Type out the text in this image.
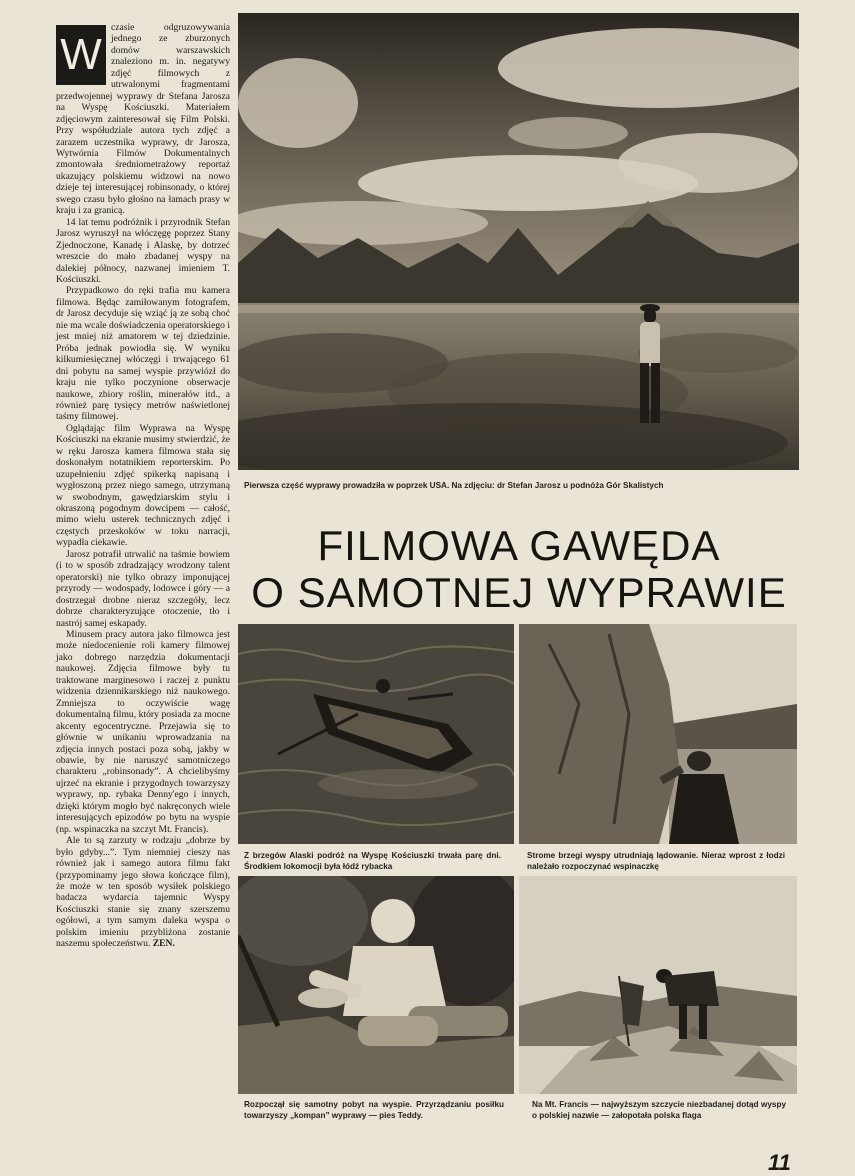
W

czasie odgruzowywania jednego ze zburzonych domów warszawskich znaleziono m. in. negatywy zdjęć filmowych z utrwalonymi fragmentami przedwojennej wyprawy dr Stefana Jarosza na Wyspę Kościuszki. Materiałem zdjęciowym zainteresował się Film Polski. Przy współudziale autora tych zdjęć a zarazem uczestnika wyprawy, dr Jarosza, Wytwórnia Filmów Dokumentalnych zmontowała średniometrażowy reportaż ukazujący polskiemu widzowi na nowo dzieje tej interesującej robinsonady, o której swego czasu było głośno na łamach prasy w kraju i za granicą.

14 lat temu podróżnik i przyrodnik Stefan Jarosz wyruszył na włóczęgę poprzez Stany Zjednoczone, Kanadę i Alaskę, by dotrzeć wreszcie do mało zbadanej wyspy na dalekiej północy, nazwanej imieniem T. Kościuszki.

Przypadkowo do ręki trafia mu kamera filmowa. Będąc zamiłowanym fotografem, dr Jarosz decyduje się wziąć ją ze sobą choć nie ma wcale doświadczenia operatorskiego i jest mniej niż amatorem w tej dziedzinie. Próba jednak powiodła się. W wyniku kilkumiesięcznej włóczęgi i trwającego 61 dni pobytu na samej wyspie przywiózł do kraju nie tylko poczynione obserwacje naukowe, zbiory roślin, minerałów itd., a również parę tysięcy metrów naświetlonej taśmy filmowej.

Oglądając film Wyprawa na Wyspę Kościuszki na ekranie musimy stwierdzić, że w ręku Jarosza kamera filmowa stała się doskonałym notatnikiem reporterskim. Po uzupełnieniu zdjęć spikerką napisaną i wygłoszoną przez niego samego, utrzymaną w swobodnym, gawędziarskim stylu i okraszoną pogodnym dowcipem — całość, mimo wielu usterek technicznych zdjęć i częstych przeskoków w toku narracji, wypadła ciekawie.

Jarosz potrafił utrwalić na taśmie bowiem (i to w sposób zdradzający wrodzony talent operatorski) nie tylko obrazy imponującej przyrody — wodospady, lodowce i góry — a dostrzegał drobne nieraz szczegóły, lecz dobrze charakteryzujące otoczenie, tło i nastrój samej eskapady.

Minusem pracy autora jako filmowca jest może niedocenienie roli kamery filmowej jako dobrego narzędzia dokumentacji naukowej. Zdjęcia filmowe były tu traktowane marginesowo i raczej z punktu widzenia dziennikarskiego niż naukowego. Zmniejsza to oczywiście wagę dokumentalną filmu, który posiada za mocne akcenty egocentryczne. Przejawia się to głównie w unikaniu wprowadzania na zdjęcia innych postaci poza sobą, jakby w obawie, by nie naruszyć samotniczego charakteru „robinsonady”. A chcielibyśmy ujrzeć na ekranie i przygodnych towarzyszy wyprawy, np. rybaka Denny'ego i innych, dzięki którym mogło być nakręconych wiele interesujących epizodów po bytu na wyspie (np. wspinaczka na szczyt Mt. Francis).

Ale to są zarzuty w rodzaju „dobrze by było gdyby...”. Tym niemniej cieszy nas również jak i samego autora filmu fakt (przypominamy jego słowa kończące film), że może w ten sposób wysiłek polskiego badacza wydarcia tajemnic Wyspy Kościuszki stanie się znany szerszemu ogółowi, a tym samym daleka wyspa o polskim imieniu przybliżona zostanie naszemu społeczeństwu. ZEN.

Pierwsza część wyprawy prowadziła w poprzek USA. Na zdjęciu: dr Stefan Jarosz u podnóża Gór Skalistych
FILMOWA GAWĘDA
O SAMOTNEJ WYPRAWIE
Z brzegów Alaski podróż na Wyspę Kościuszki trwała parę dni. Środkiem lokomocji była łódź rybacka
Strome brzegi wyspy utrudniają lądowanie. Nieraz wprost z łodzi należało rozpoczynać wspinaczkę
Rozpoczął się samotny pobyt na wyspie. Przyrządzaniu posiłku towarzyszy „kompan” wyprawy — pies Teddy.
Na Mt. Francis — najwyższym szczycie niezbadanej dotąd wyspy o polskiej nazwie — załopotała polska flaga
11
